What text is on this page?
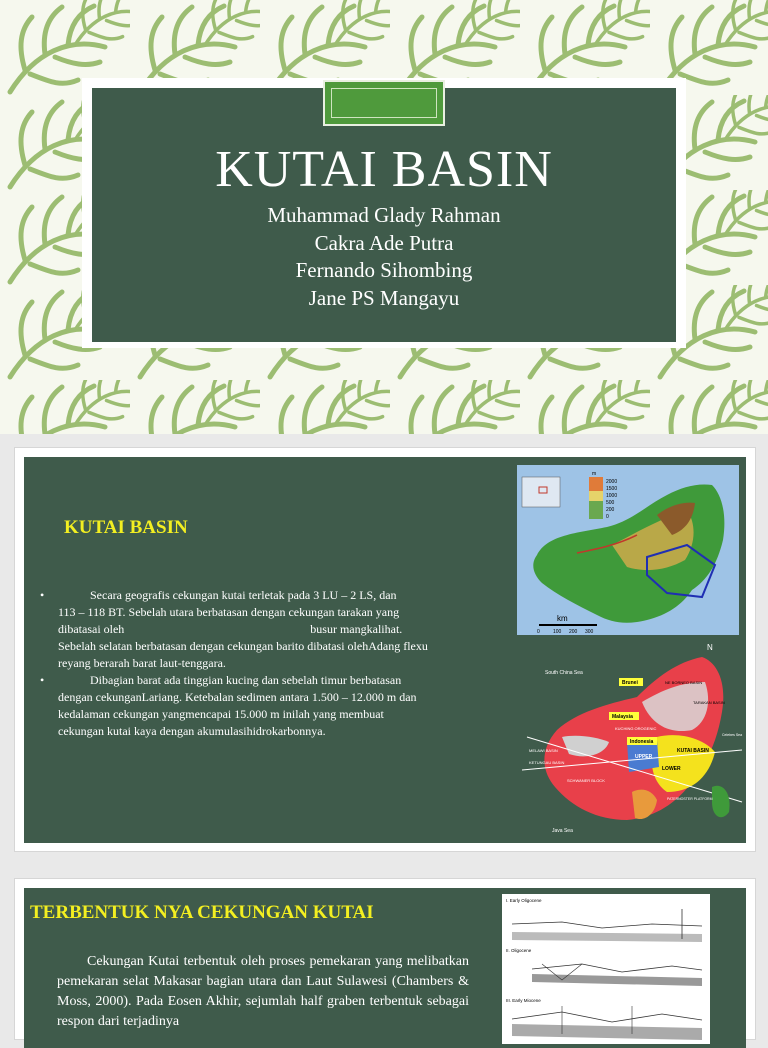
KUTAI BASIN
Muhammad Glady Rahman
Cakra Ade Putra
Fernando Sihombing
Jane PS Mangayu
KUTAI BASIN
•	Secara geografis cekungan kutai terletak pada 3 LU – 2 LS, dan
113 – 118 BT. Sebelah utara berbatasan dengan cekungan tarakan yang
dibatasai oleh                                                              busur mangkalihat.
Sebelah selatan berbatasan dengan cekungan barito dibatasi olehAdang flexu
reyang berarah barat laut-tenggara.
•	Dibagian barat ada tinggian kucing dan sebelah timur berbatasan
dengan cekunganLariang. Ketebalan sedimen antara 1.500 – 12.000 m dan
kedalaman cekungan yangmencapai 15.000 m inilah yang membuat
cekungan kutai kaya dengan akumulasihidrokarbonnya.
m
2000
1500
1000
500
200
0
km
0	100 200 300
N
South China Sea
Brunei	NE BORNEO BASIN
TARAKAN BASIN
Malaysia
KUCHING OROGENIC
Indonesia
MELAWI BASIN
KETUNGAU BASIN
KUTAI BASIN
UPPER
LOWER
SCHWANER BLOCK
PATERNOSTER PLATFORM
Celebes Sea
Java Sea
TERBENTUK NYA CEKUNGAN KUTAI
Cekungan Kutai terbentuk oleh proses pemekaran yang melibatkan pemekaran selat Makasar bagian utara dan Laut Sulawesi (Chambers & Moss, 2000). Pada Eosen Akhir, sejumlah half graben terbentuk sebagai respon dari terjadinya
I. Early Oligocene
II. Oligocene
III. Early Miocene
